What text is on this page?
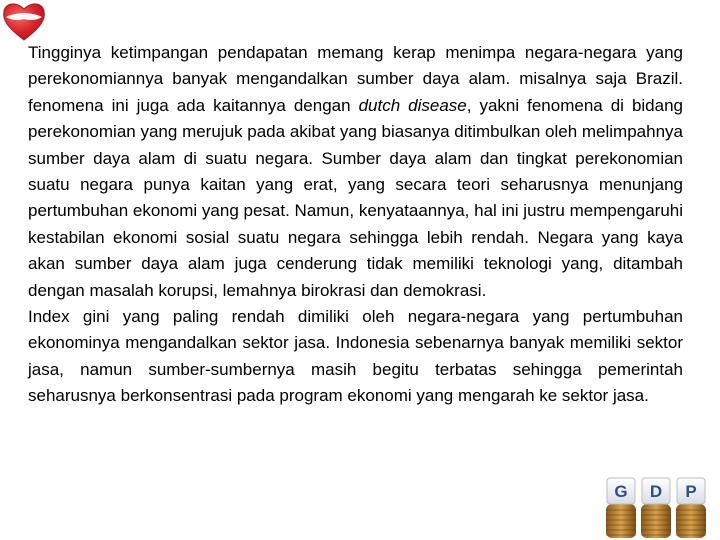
Tingginya ketimpangan pendapatan memang kerap menimpa negara-negara yang perekonomiannya banyak mengandalkan sumber daya alam. misalnya saja Brazil. fenomena ini juga ada kaitannya dengan dutch disease, yakni fenomena di bidang perekonomian yang merujuk pada akibat yang biasanya ditimbulkan oleh melimpahnya sumber daya alam di suatu negara. Sumber daya alam dan tingkat perekonomian suatu negara punya kaitan yang erat, yang secara teori seharusnya menunjang pertumbuhan ekonomi yang pesat. Namun, kenyataannya, hal ini justru mempengaruhi kestabilan ekonomi sosial suatu negara sehingga lebih rendah. Negara yang kaya akan sumber daya alam juga cenderung tidak memiliki teknologi yang, ditambah dengan masalah korupsi, lemahnya birokrasi dan demokrasi.

Index gini yang paling rendah dimiliki oleh negara-negara yang pertumbuhan ekonominya mengandalkan sektor jasa. Indonesia sebenarnya banyak memiliki sektor jasa, namun sumber-sumbernya masih begitu terbatas sehingga pemerintah seharusnya berkonsentrasi pada program ekonomi yang mengarah ke sektor jasa.

G D P
